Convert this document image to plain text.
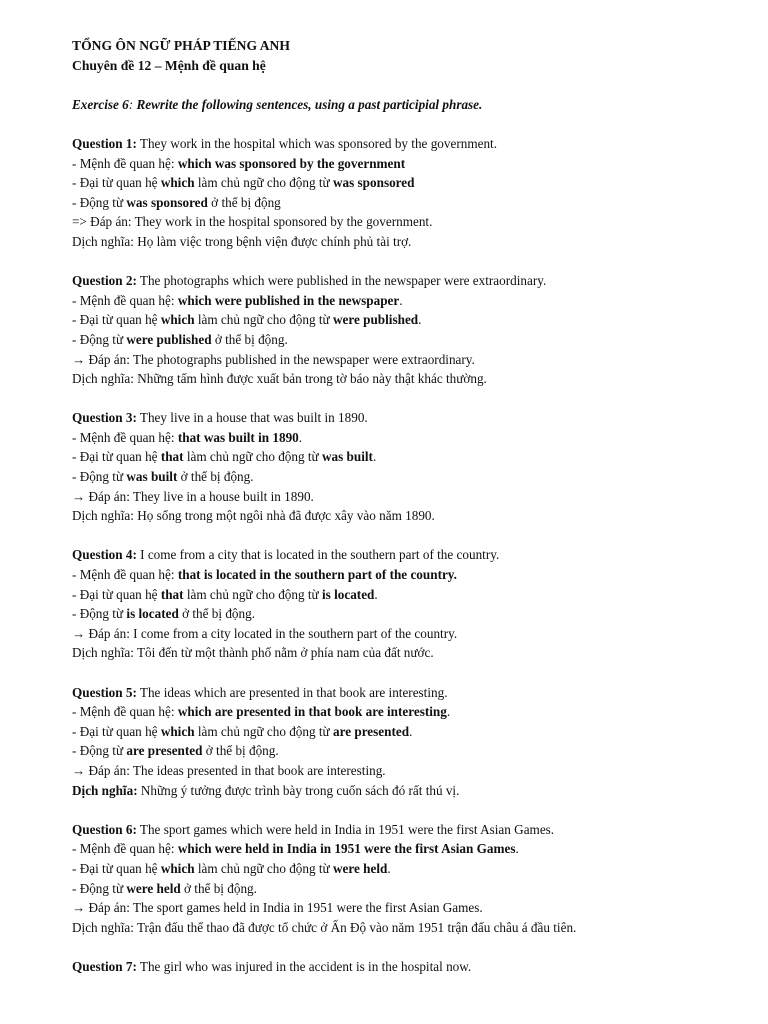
TỔNG ÔN NGỮ PHÁP TIẾNG ANH
Chuyên đề 12 – Mệnh đề quan hệ
Exercise 6: Rewrite the following sentences, using a past participial phrase.
Question 1: They work in the hospital which was sponsored by the government.
- Mệnh đề quan hệ: which was sponsored by the government
- Đại từ quan hệ which làm chủ ngữ cho động từ was sponsored
- Động từ was sponsored ở thể bị động
=> Đáp án: They work in the hospital sponsored by the government.
Dịch nghĩa: Họ làm việc trong bệnh viện được chính phủ tài trợ.
Question 2: The photographs which were published in the newspaper were extraordinary.
- Mệnh đề quan hệ: which were published in the newspaper.
- Đại từ quan hệ which làm chủ ngữ cho động từ were published.
- Động từ were published ở thể bị động.
→ Đáp án: The photographs published in the newspaper were extraordinary.
Dịch nghĩa: Những tấm hình được xuất bản trong tờ báo này thật khác thường.
Question 3: They live in a house that was built in 1890.
- Mệnh đề quan hệ: that was built in 1890.
- Đại từ quan hệ that làm chủ ngữ cho động từ was built.
- Động từ was built ở thể bị động.
→ Đáp án: They live in a house built in 1890.
Dịch nghĩa: Họ sống trong một ngôi nhà đã được xây vào năm 1890.
Question 4: I come from a city that is located in the southern part of the country.
- Mệnh đề quan hệ: that is located in the southern part of the country.
- Đại từ quan hệ that làm chủ ngữ cho động từ is located.
- Động từ is located ở thể bị động.
→ Đáp án: I come from a city located in the southern part of the country.
Dịch nghĩa: Tôi đến từ một thành phố nằm ở phía nam của đất nước.
Question 5: The ideas which are presented in that book are interesting.
- Mệnh đề quan hệ: which are presented in that book are interesting.
- Đại từ quan hệ which làm chủ ngữ cho động từ are presented.
- Động từ are presented ở thể bị động.
→ Đáp án: The ideas presented in that book are interesting.
Dịch nghĩa: Những ý tưởng được trình bày trong cuốn sách đó rất thú vị.
Question 6: The sport games which were held in India in 1951 were the first Asian Games.
- Mệnh đề quan hệ: which were held in India in 1951 were the first Asian Games.
- Đại từ quan hệ which làm chủ ngữ cho động từ were held.
- Động từ were held ở thể bị động.
→ Đáp án: The sport games held in India in 1951 were the first Asian Games.
Dịch nghĩa: Trận đấu thể thao đã được tổ chức ở Ấn Độ vào năm 1951 trận đấu châu á đầu tiên.
Question 7: The girl who was injured in the accident is in the hospital now.
